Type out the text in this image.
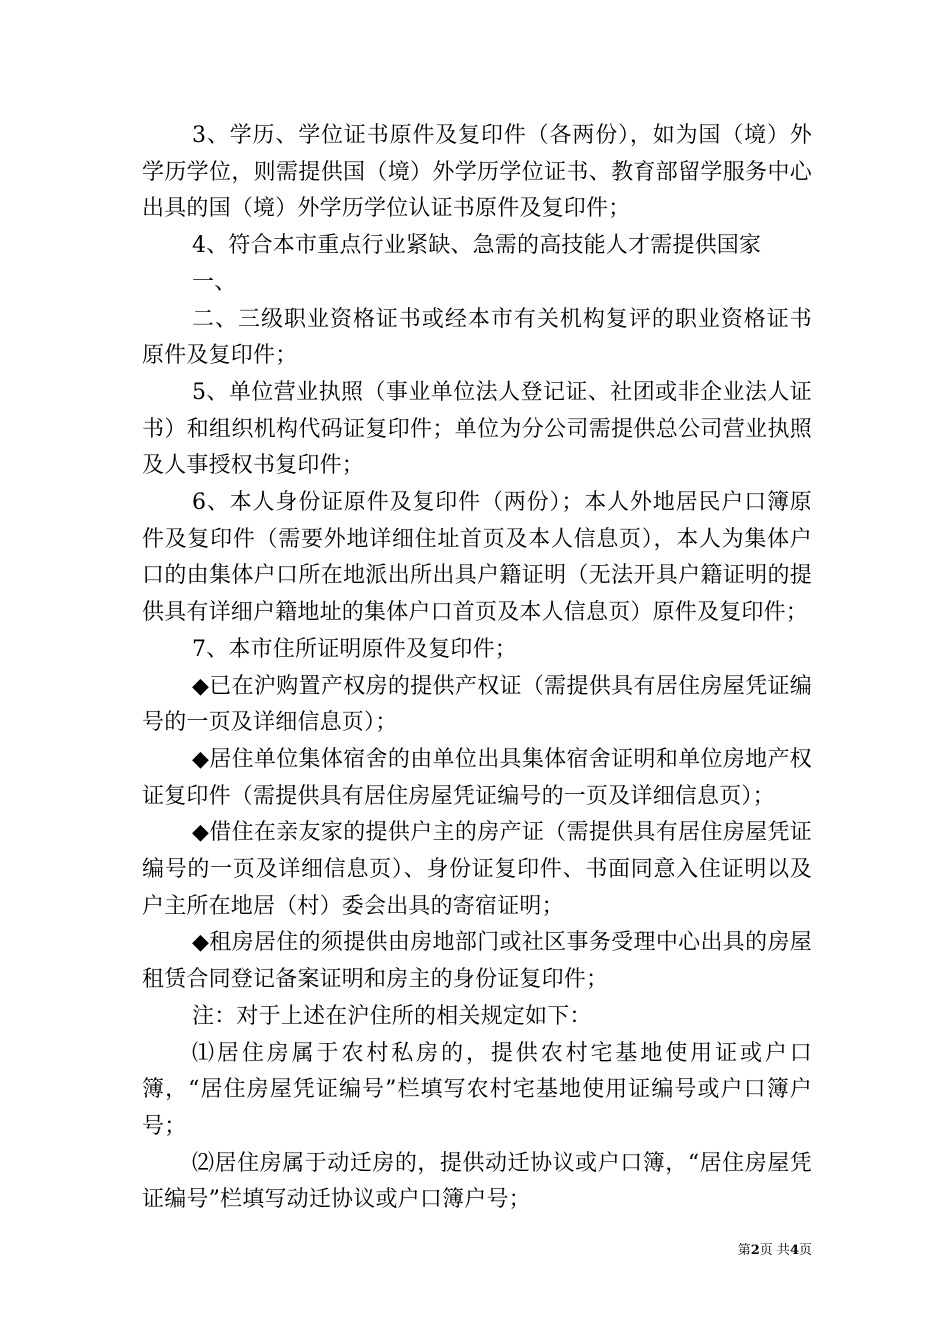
3、学历、学位证书原件及复印件（各两份），如为国（境）外学历学位，则需提供国（境）外学历学位证书、教育部留学服务中心出具的国（境）外学历学位认证书原件及复印件；

4、符合本市重点行业紧缺、急需的高技能人才需提供国家

一、

二、三级职业资格证书或经本市有关机构复评的职业资格证书原件及复印件；

5、单位营业执照（事业单位法人登记证、社团或非企业法人证书）和组织机构代码证复印件；单位为分公司需提供总公司营业执照及人事授权书复印件；

6、本人身份证原件及复印件（两份）；本人外地居民户口簿原件及复印件（需要外地详细住址首页及本人信息页），本人为集体户口的由集体户口所在地派出所出具户籍证明（无法开具户籍证明的提供具有详细户籍地址的集体户口首页及本人信息页）原件及复印件；

7、本市住所证明原件及复印件；

◆已在沪购置产权房的提供产权证（需提供具有居住房屋凭证编号的一页及详细信息页）；

◆居住单位集体宿舍的由单位出具集体宿舍证明和单位房地产权证复印件（需提供具有居住房屋凭证编号的一页及详细信息页）；

◆借住在亲友家的提供户主的房产证（需提供具有居住房屋凭证编号的一页及详细信息页）、身份证复印件、书面同意入住证明以及户主所在地居（村）委会出具的寄宿证明；

◆租房居住的须提供由房地部门或社区事务受理中心出具的房屋租赁合同登记备案证明和房主的身份证复印件；

注：对于上述在沪住所的相关规定如下：

⑴居住房属于农村私房的，提供农村宅基地使用证或户口簿，“居住房屋凭证编号”栏填写农村宅基地使用证编号或户口簿户号；

⑵居住房属于动迁房的，提供动迁协议或户口簿，“居住房屋凭证编号”栏填写动迁协议或户口簿户号；

第2页 共4页
